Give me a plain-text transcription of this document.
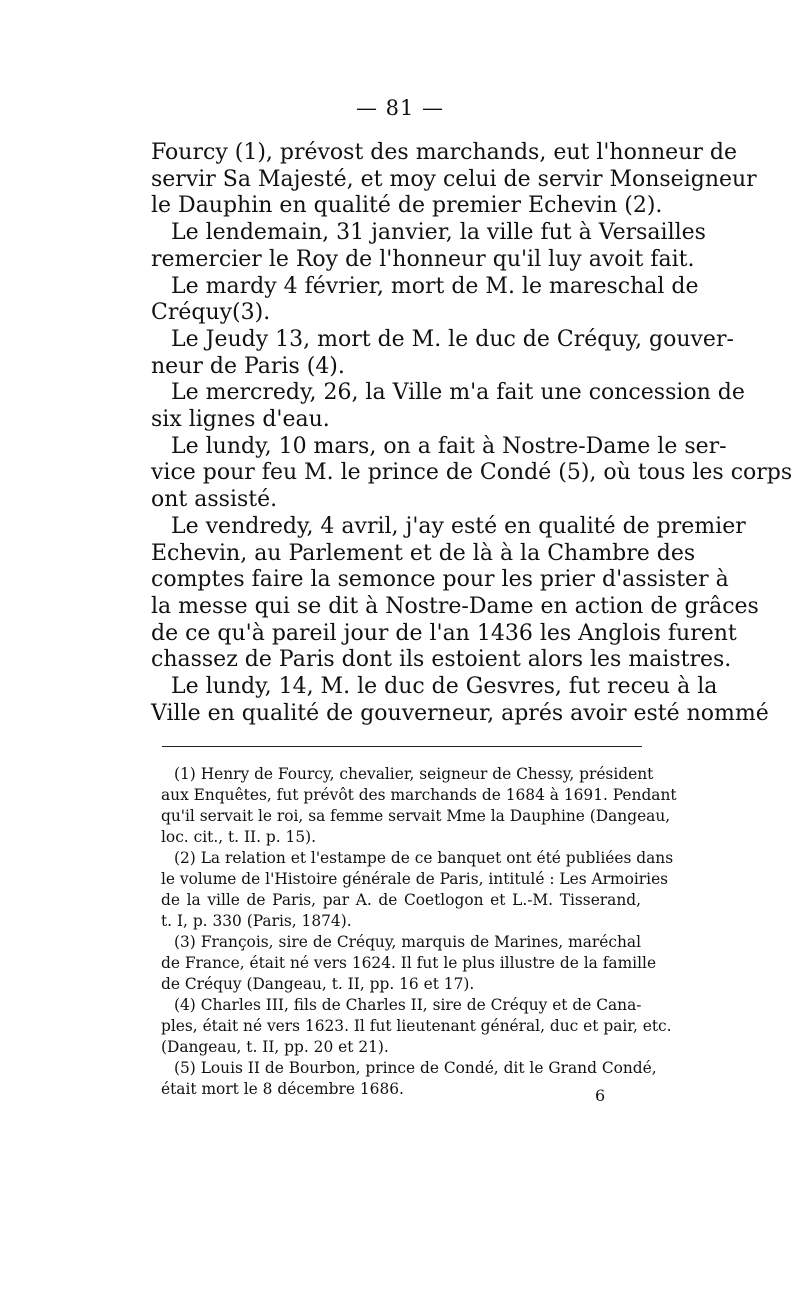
— 81 —
Fourcy (1), prévost des marchands, eut l'honneur de
servir Sa Majesté, et moy celui de servir Monseigneur
le Dauphin en qualité de premier Echevin (2).
Le lendemain, 31 janvier, la ville fut à Versailles
remercier le Roy de l'honneur qu'il luy avoit fait.
Le mardy 4 février, mort de M. le mareschal de
Créquy(3).
Le Jeudy 13, mort de M. le duc de Créquy, gouver-
neur de Paris (4).
Le mercredy, 26, la Ville m'a fait une concession de
six lignes d'eau.
Le lundy, 10 mars, on a fait à Nostre-Dame le ser-
vice pour feu M. le prince de Condé (5), où tous les corps
ont assisté.
Le vendredy, 4 avril, j'ay esté en qualité de premier
Echevin, au Parlement et de là à la Chambre des
comptes faire la semonce pour les prier d'assister à
la messe qui se dit à Nostre-Dame en action de grâces
de ce qu'à pareil jour de l'an 1436 les Anglois furent
chassez de Paris dont ils estoient alors les maistres.
Le lundy, 14, M. le duc de Gesvres, fut receu à la
Ville en qualité de gouverneur, aprés avoir esté nommé
(1) Henry de Fourcy, chevalier, seigneur de Chessy, président
aux Enquêtes, fut prévôt des marchands de 1684 à 1691. Pendant
qu'il servait le roi, sa femme servait Mme la Dauphine (Dangeau,
loc. cit., t. II. p. 15).
(2) La relation et l'estampe de ce banquet ont été publiées dans
le volume de l'Histoire générale de Paris, intitulé : Les Armoiries
de la ville de Paris, par A. de Coetlogon et L.-M. Tisserand,
t. I, p. 330 (Paris, 1874).
(3) François, sire de Créquy, marquis de Marines, maréchal
de France, était né vers 1624. Il fut le plus illustre de la famille
de Créquy (Dangeau, t. II, pp. 16 et 17).
(4) Charles III, fils de Charles II, sire de Créquy et de Cana-
ples, était né vers 1623. Il fut lieutenant général, duc et pair, etc.
(Dangeau, t. II, pp. 20 et 21).
(5) Louis II de Bourbon, prince de Condé, dit le Grand Condé,
était mort le 8 décembre 1686.	6
